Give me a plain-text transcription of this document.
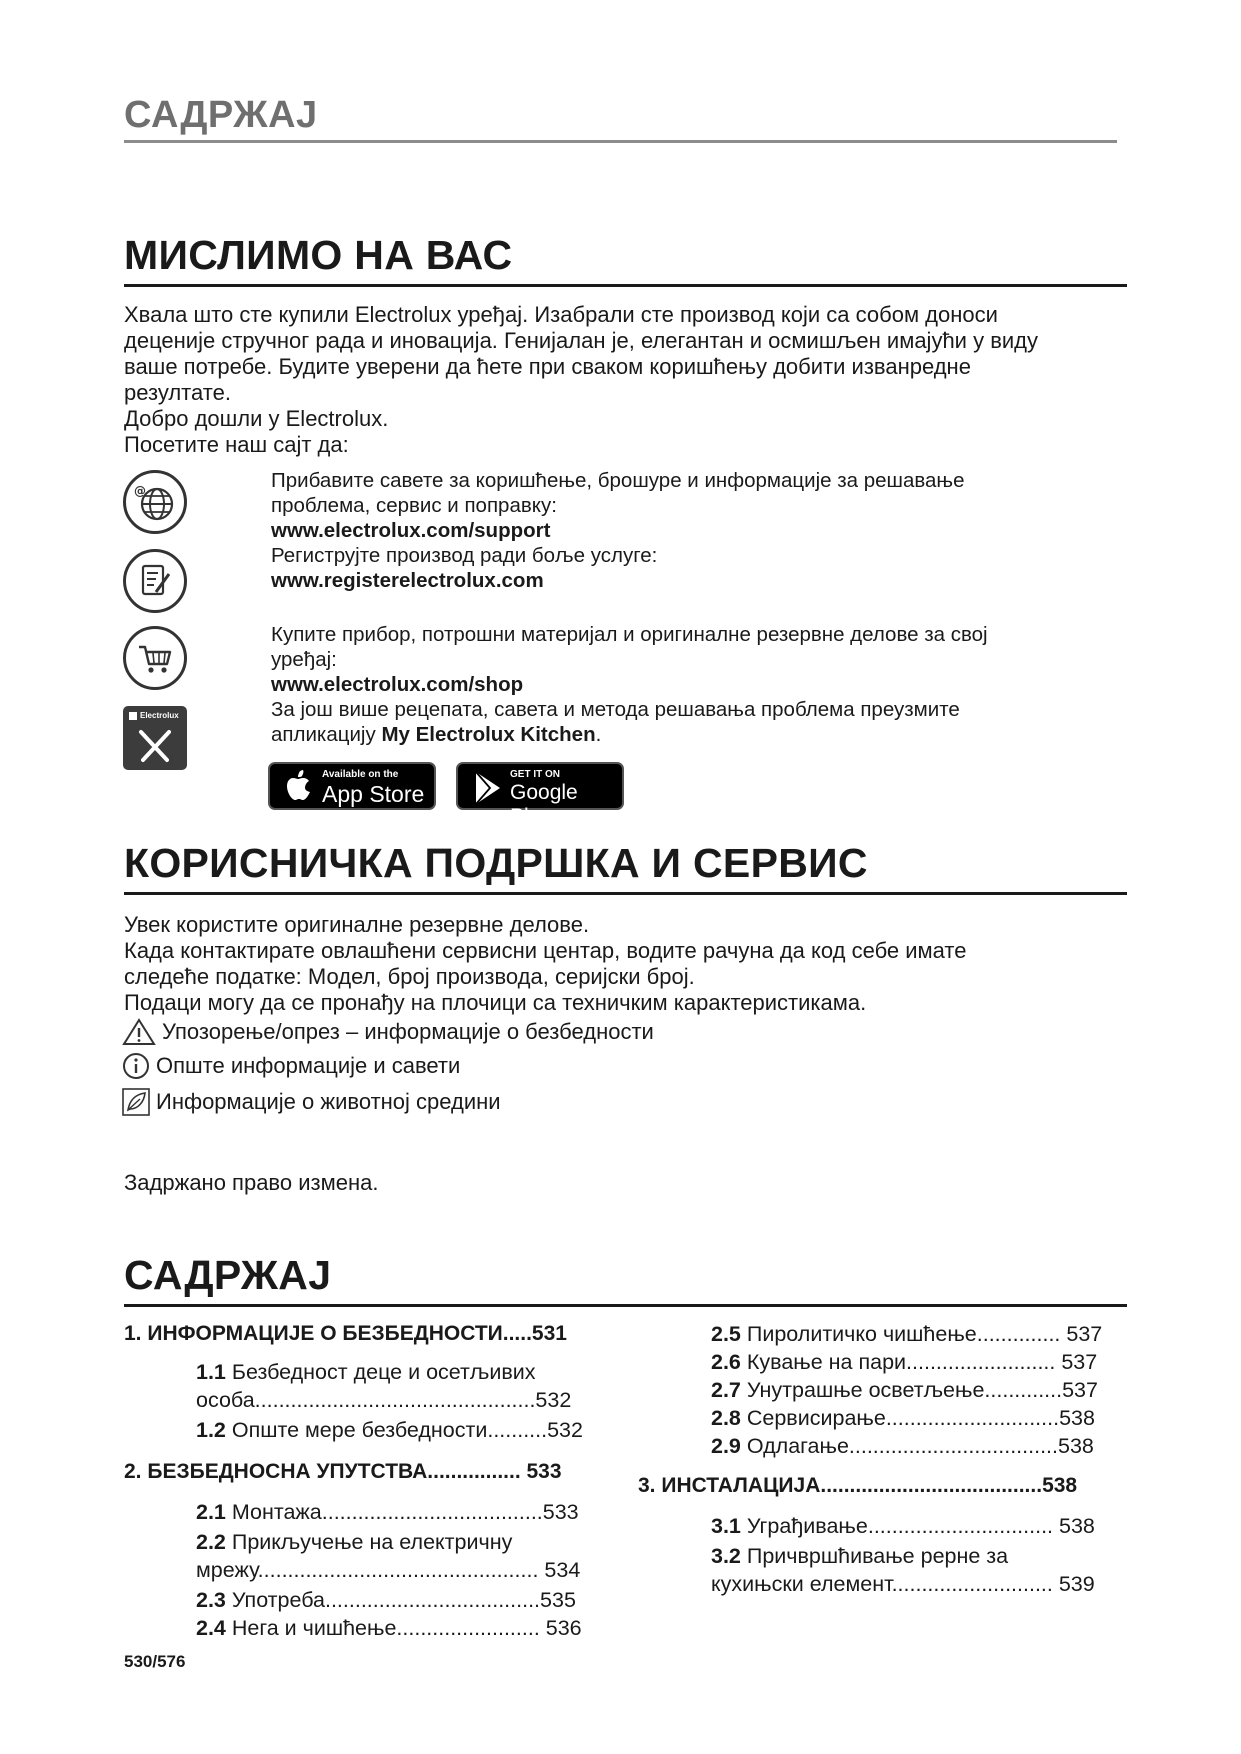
САДРЖАЈ
МИСЛИМО НА ВАС
Хвала што сте купили Electrolux уређај. Изабрали сте производ који са собом доноси
деценије стручног рада и иновација. Генијалан је, елегантан и осмишљен имајући у виду
ваше потребе. Будите уверени да ћете при сваком коришћењу добити изванредне
резултате.
Добро дошли у Electrolux.
Посетите наш сајт да:
@
Electrolux
Прибавите савете за коришћење, брошуре и информације за решавање
проблема, сервис и поправку:
www.electrolux.com/support
Региструјте производ ради боље услуге:
www.registerelectrolux.com
Купите прибор, потрошни материјал и оригиналне резервне делове за свој
уређај:
www.electrolux.com/shop
За још више рецепата, савета и метода решавања проблема преузмите
апликацију My Electrolux Kitchen.
Available on the
App Store
GET IT ON
Google Play
КОРИСНИЧКА ПОДРШКА И СЕРВИС
Увек користите оригиналне резервне делове.
Када контактирате овлашћени сервисни центар, водите рачуна да код себе имате
следеће податке: Модел, број производа, серијски број.
Подаци могу да се пронађу на плочици са техничким карактеристикама.
Упозорење/опрез – информације о безбедности
Опште информације и савети
Информације о животној средини
Задржано право измена.
САДРЖАЈ
1. ИНФОРМАЦИЈЕ О БЕЗБЕДНОСТИ.....531
1.1 Безбедност деце и осетљивих
особа...............................................532
1.2 Опште мере безбедности..........532
2. БЕЗБЕДНОСНА УПУТСТВА................ 533
2.1 Монтажа.....................................533
2.2 Прикључење на електричну
мрежу............................................... 534
2.3 Употреба....................................535
2.4 Нега и чишћење........................ 536
2.5 Пиролитичко чишћење.............. 537
2.6 Кување на пари......................... 537
2.7 Унутрашње осветљење.............537
2.8 Сервисирање.............................538
2.9 Одлагање...................................538
3. ИНСТАЛАЦИЈА......................................538
3.1 Уграђивање............................... 538
3.2 Причвршћивање рерне за
кухињски елемент........................... 539
530/576
